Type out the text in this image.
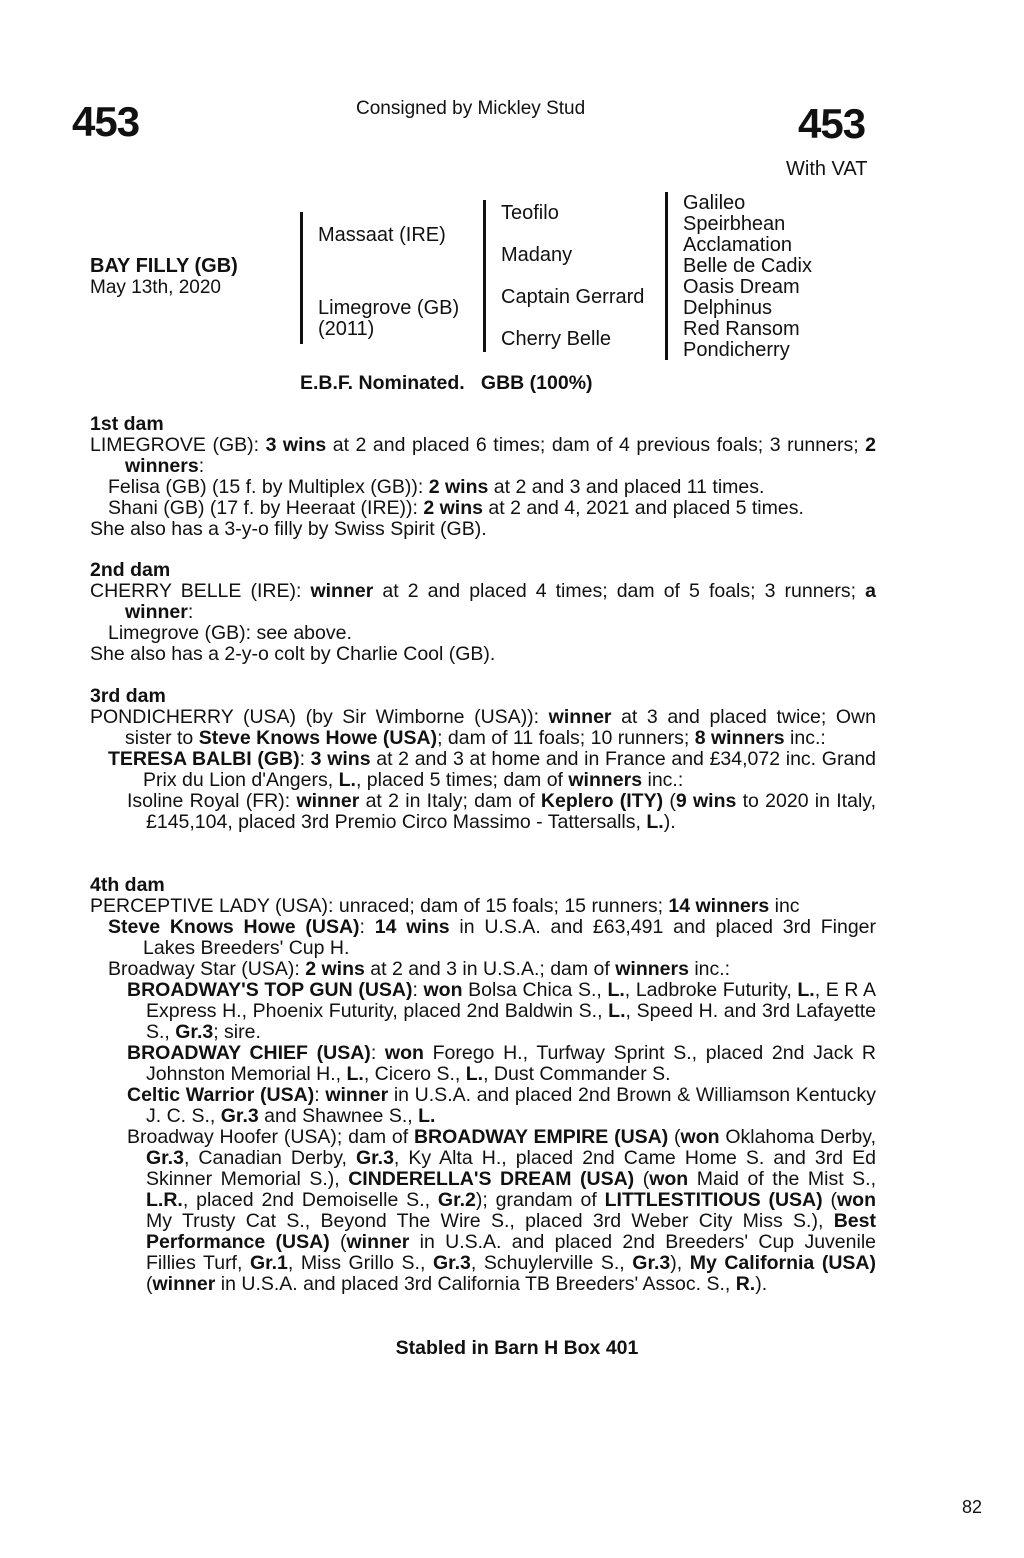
453	Consigned by Mickley Stud	453
With VAT
BAY FILLY (GB)
May 13th, 2020
Massaat (IRE)
Limegrove (GB)
(2011)
Teofilo
Madany
Captain Gerrard
Cherry Belle
Galileo
Speirbhean
Acclamation
Belle de Cadix
Oasis Dream
Delphinus
Red Ransom
Pondicherry
E.B.F. Nominated.   GBB (100%)
1st dam
LIMEGROVE (GB): 3 wins at 2 and placed 6 times; dam of 4 previous foals; 3 runners; 2 winners:
Felisa (GB) (15 f. by Multiplex (GB)): 2 wins at 2 and 3 and placed 11 times.
Shani (GB) (17 f. by Heeraat (IRE)): 2 wins at 2 and 4, 2021 and placed 5 times.
She also has a 3-y-o filly by Swiss Spirit (GB).
2nd dam
CHERRY BELLE (IRE): winner at 2 and placed 4 times; dam of 5 foals; 3 runners; a winner:
Limegrove (GB): see above.
She also has a 2-y-o colt by Charlie Cool (GB).
3rd dam
PONDICHERRY (USA) (by Sir Wimborne (USA)): winner at 3 and placed twice; Own sister to Steve Knows Howe (USA); dam of 11 foals; 10 runners; 8 winners inc.:
TERESA BALBI (GB): 3 wins at 2 and 3 at home and in France and £34,072 inc. Grand Prix du Lion d'Angers, L., placed 5 times; dam of winners inc.:
Isoline Royal (FR): winner at 2 in Italy; dam of Keplero (ITY) (9 wins to 2020 in Italy, £145,104, placed 3rd Premio Circo Massimo - Tattersalls, L.).
4th dam
PERCEPTIVE LADY (USA): unraced; dam of 15 foals; 15 runners; 14 winners inc
Steve Knows Howe (USA): 14 wins in U.S.A. and £63,491 and placed 3rd Finger Lakes Breeders' Cup H.
Broadway Star (USA): 2 wins at 2 and 3 in U.S.A.; dam of winners inc.:
BROADWAY'S TOP GUN (USA): won Bolsa Chica S., L., Ladbroke Futurity, L., E R A Express H., Phoenix Futurity, placed 2nd Baldwin S., L., Speed H. and 3rd Lafayette S., Gr.3; sire.
BROADWAY CHIEF (USA): won Forego H., Turfway Sprint S., placed 2nd Jack R Johnston Memorial H., L., Cicero S., L., Dust Commander S.
Celtic Warrior (USA): winner in U.S.A. and placed 2nd Brown & Williamson Kentucky J. C. S., Gr.3 and Shawnee S., L.
Broadway Hoofer (USA); dam of BROADWAY EMPIRE (USA) (won Oklahoma Derby, Gr.3, Canadian Derby, Gr.3, Ky Alta H., placed 2nd Came Home S. and 3rd Ed Skinner Memorial S.), CINDERELLA'S DREAM (USA) (won Maid of the Mist S., L.R., placed 2nd Demoiselle S., Gr.2); grandam of LITTLESTITIOUS (USA) (won My Trusty Cat S., Beyond The Wire S., placed 3rd Weber City Miss S.), Best Performance (USA) (winner in U.S.A. and placed 2nd Breeders' Cup Juvenile Fillies Turf, Gr.1, Miss Grillo S., Gr.3, Schuylerville S., Gr.3), My California (USA) (winner in U.S.A. and placed 3rd California TB Breeders' Assoc. S., R.).
Stabled in Barn H Box 401
82
